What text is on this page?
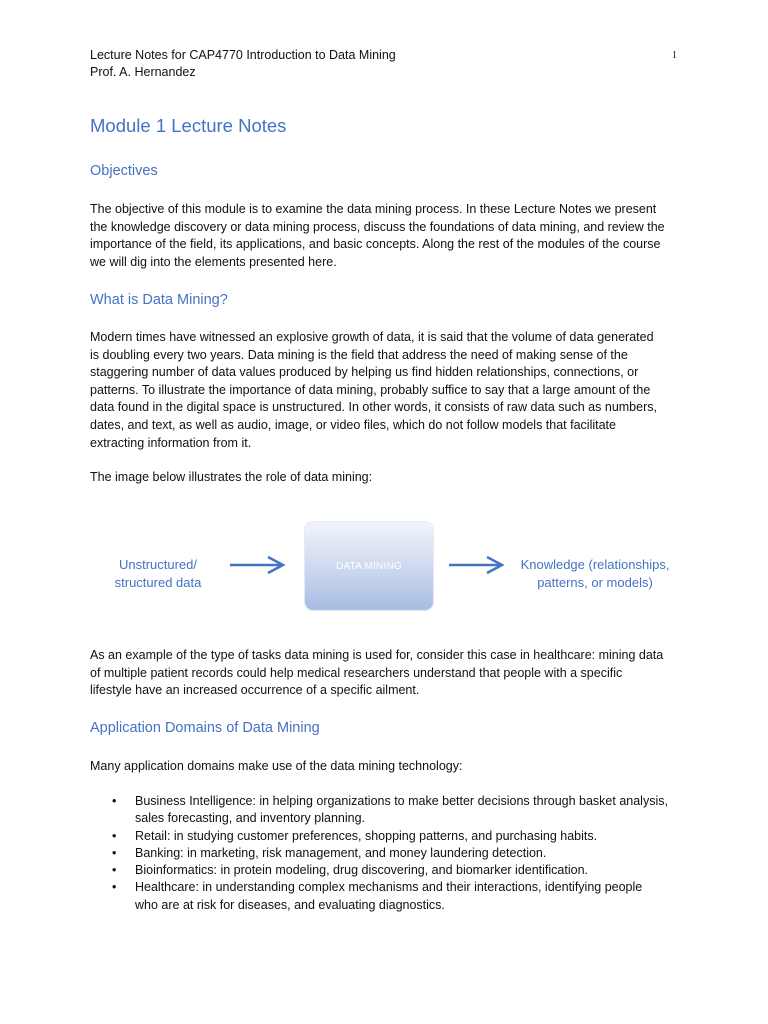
Lecture Notes for CAP4770 Introduction to Data Mining
Prof. A. Hernandez
1
Module 1 Lecture Notes
Objectives

The objective of this module is to examine the data mining process. In these Lecture Notes we present
the knowledge discovery or data mining process, discuss the foundations of data mining, and review the
importance of the field, its applications, and basic concepts. Along the rest of the modules of the course
we will dig into the elements presented here.

What is Data Mining?

Modern times have witnessed an explosive growth of data, it is said that the volume of data generated
is doubling every two years. Data mining is the field that address the need of making sense of the
staggering number of data values produced by helping us find hidden relationships, connections, or
patterns. To illustrate the importance of data mining, probably suffice to say that a large amount of the
data found in the digital space is unstructured. In other words, it consists of raw data such as numbers,
dates, and text, as well as audio, image, or video files, which do not follow models that facilitate
extracting information from it.

The image below illustrates the role of data mining:

Unstructured/
structured data
DATA MINING	Knowledge (relationships,
patterns, or models)

As an example of the type of tasks data mining is used for, consider this case in healthcare: mining data
of multiple patient records could help medical researchers understand that people with a specific
lifestyle have an increased occurrence of a specific ailment.

Application Domains of Data Mining

Many application domains make use of the data mining technology:

• Business Intelligence: in helping organizations to make better decisions through basket analysis,
sales forecasting, and inventory planning.
• Retail: in studying customer preferences, shopping patterns, and purchasing habits.
• Banking: in marketing, risk management, and money laundering detection.
• Bioinformatics: in protein modeling, drug discovering, and biomarker identification.
• Healthcare: in understanding complex mechanisms and their interactions, identifying people
who are at risk for diseases, and evaluating diagnostics.
